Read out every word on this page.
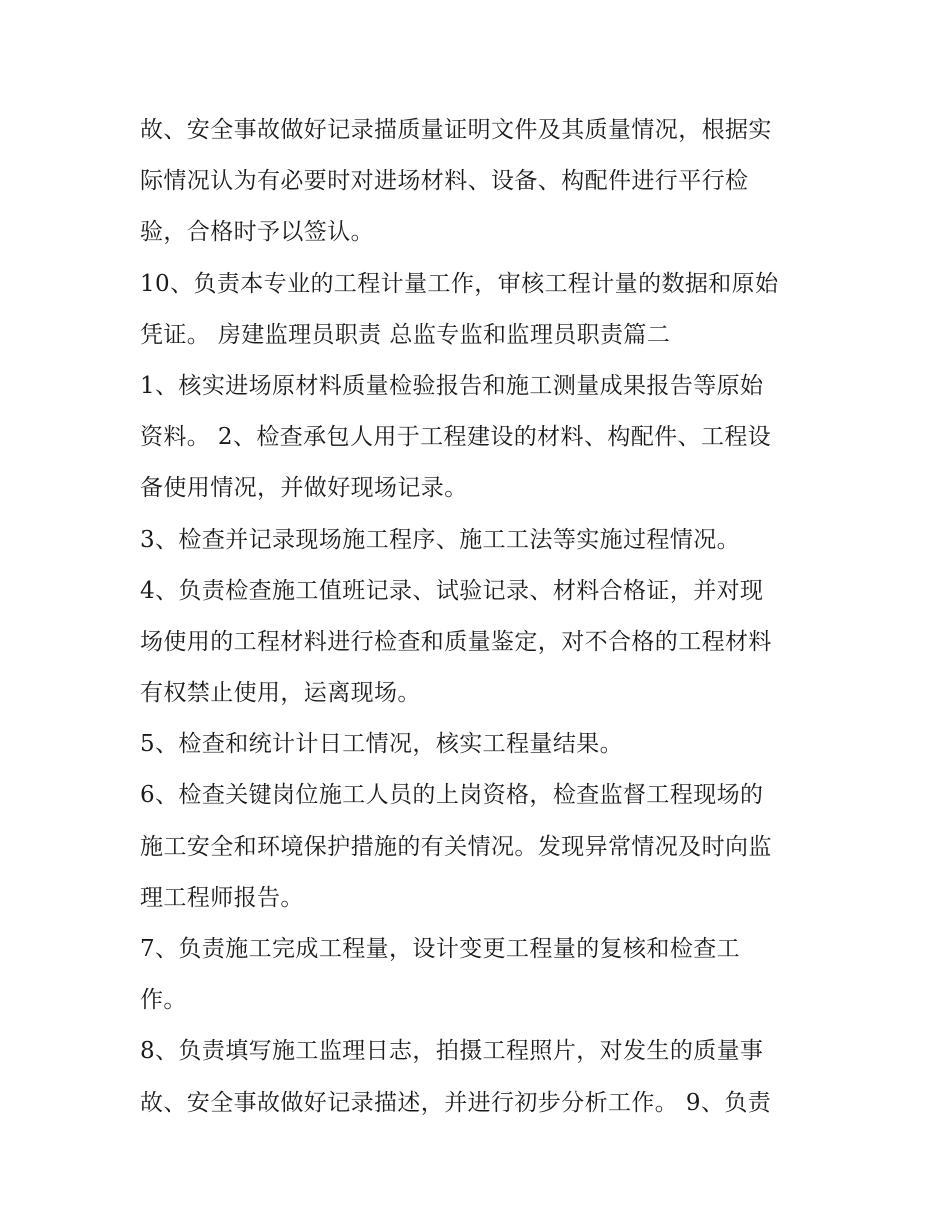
故、安全事故做好记录描质量证明文件及其质量情况，根据实
际情况认为有必要时对进场材料、设备、构配件进行平行检
验，合格时予以签认。
10、负责本专业的工程计量工作，审核工程计量的数据和原始
凭证。 房建监理员职责 总监专监和监理员职责篇二
1、核实进场原材料质量检验报告和施工测量成果报告等原始
资料。 2、检查承包人用于工程建设的材料、构配件、工程设
备使用情况，并做好现场记录。
3、检查并记录现场施工程序、施工工法等实施过程情况。
4、负责检查施工值班记录、试验记录、材料合格证，并对现
场使用的工程材料进行检查和质量鉴定，对不合格的工程材料
有权禁止使用，运离现场。
5、检查和统计计日工情况，核实工程量结果。
6、检查关键岗位施工人员的上岗资格，检查监督工程现场的
施工安全和环境保护措施的有关情况。发现异常情况及时向监
理工程师报告。
7、负责施工完成工程量，设计变更工程量的复核和检查工
作。
8、负责填写施工监理日志，拍摄工程照片，对发生的质量事
故、安全事故做好记录描述，并进行初步分析工作。 9、负责
